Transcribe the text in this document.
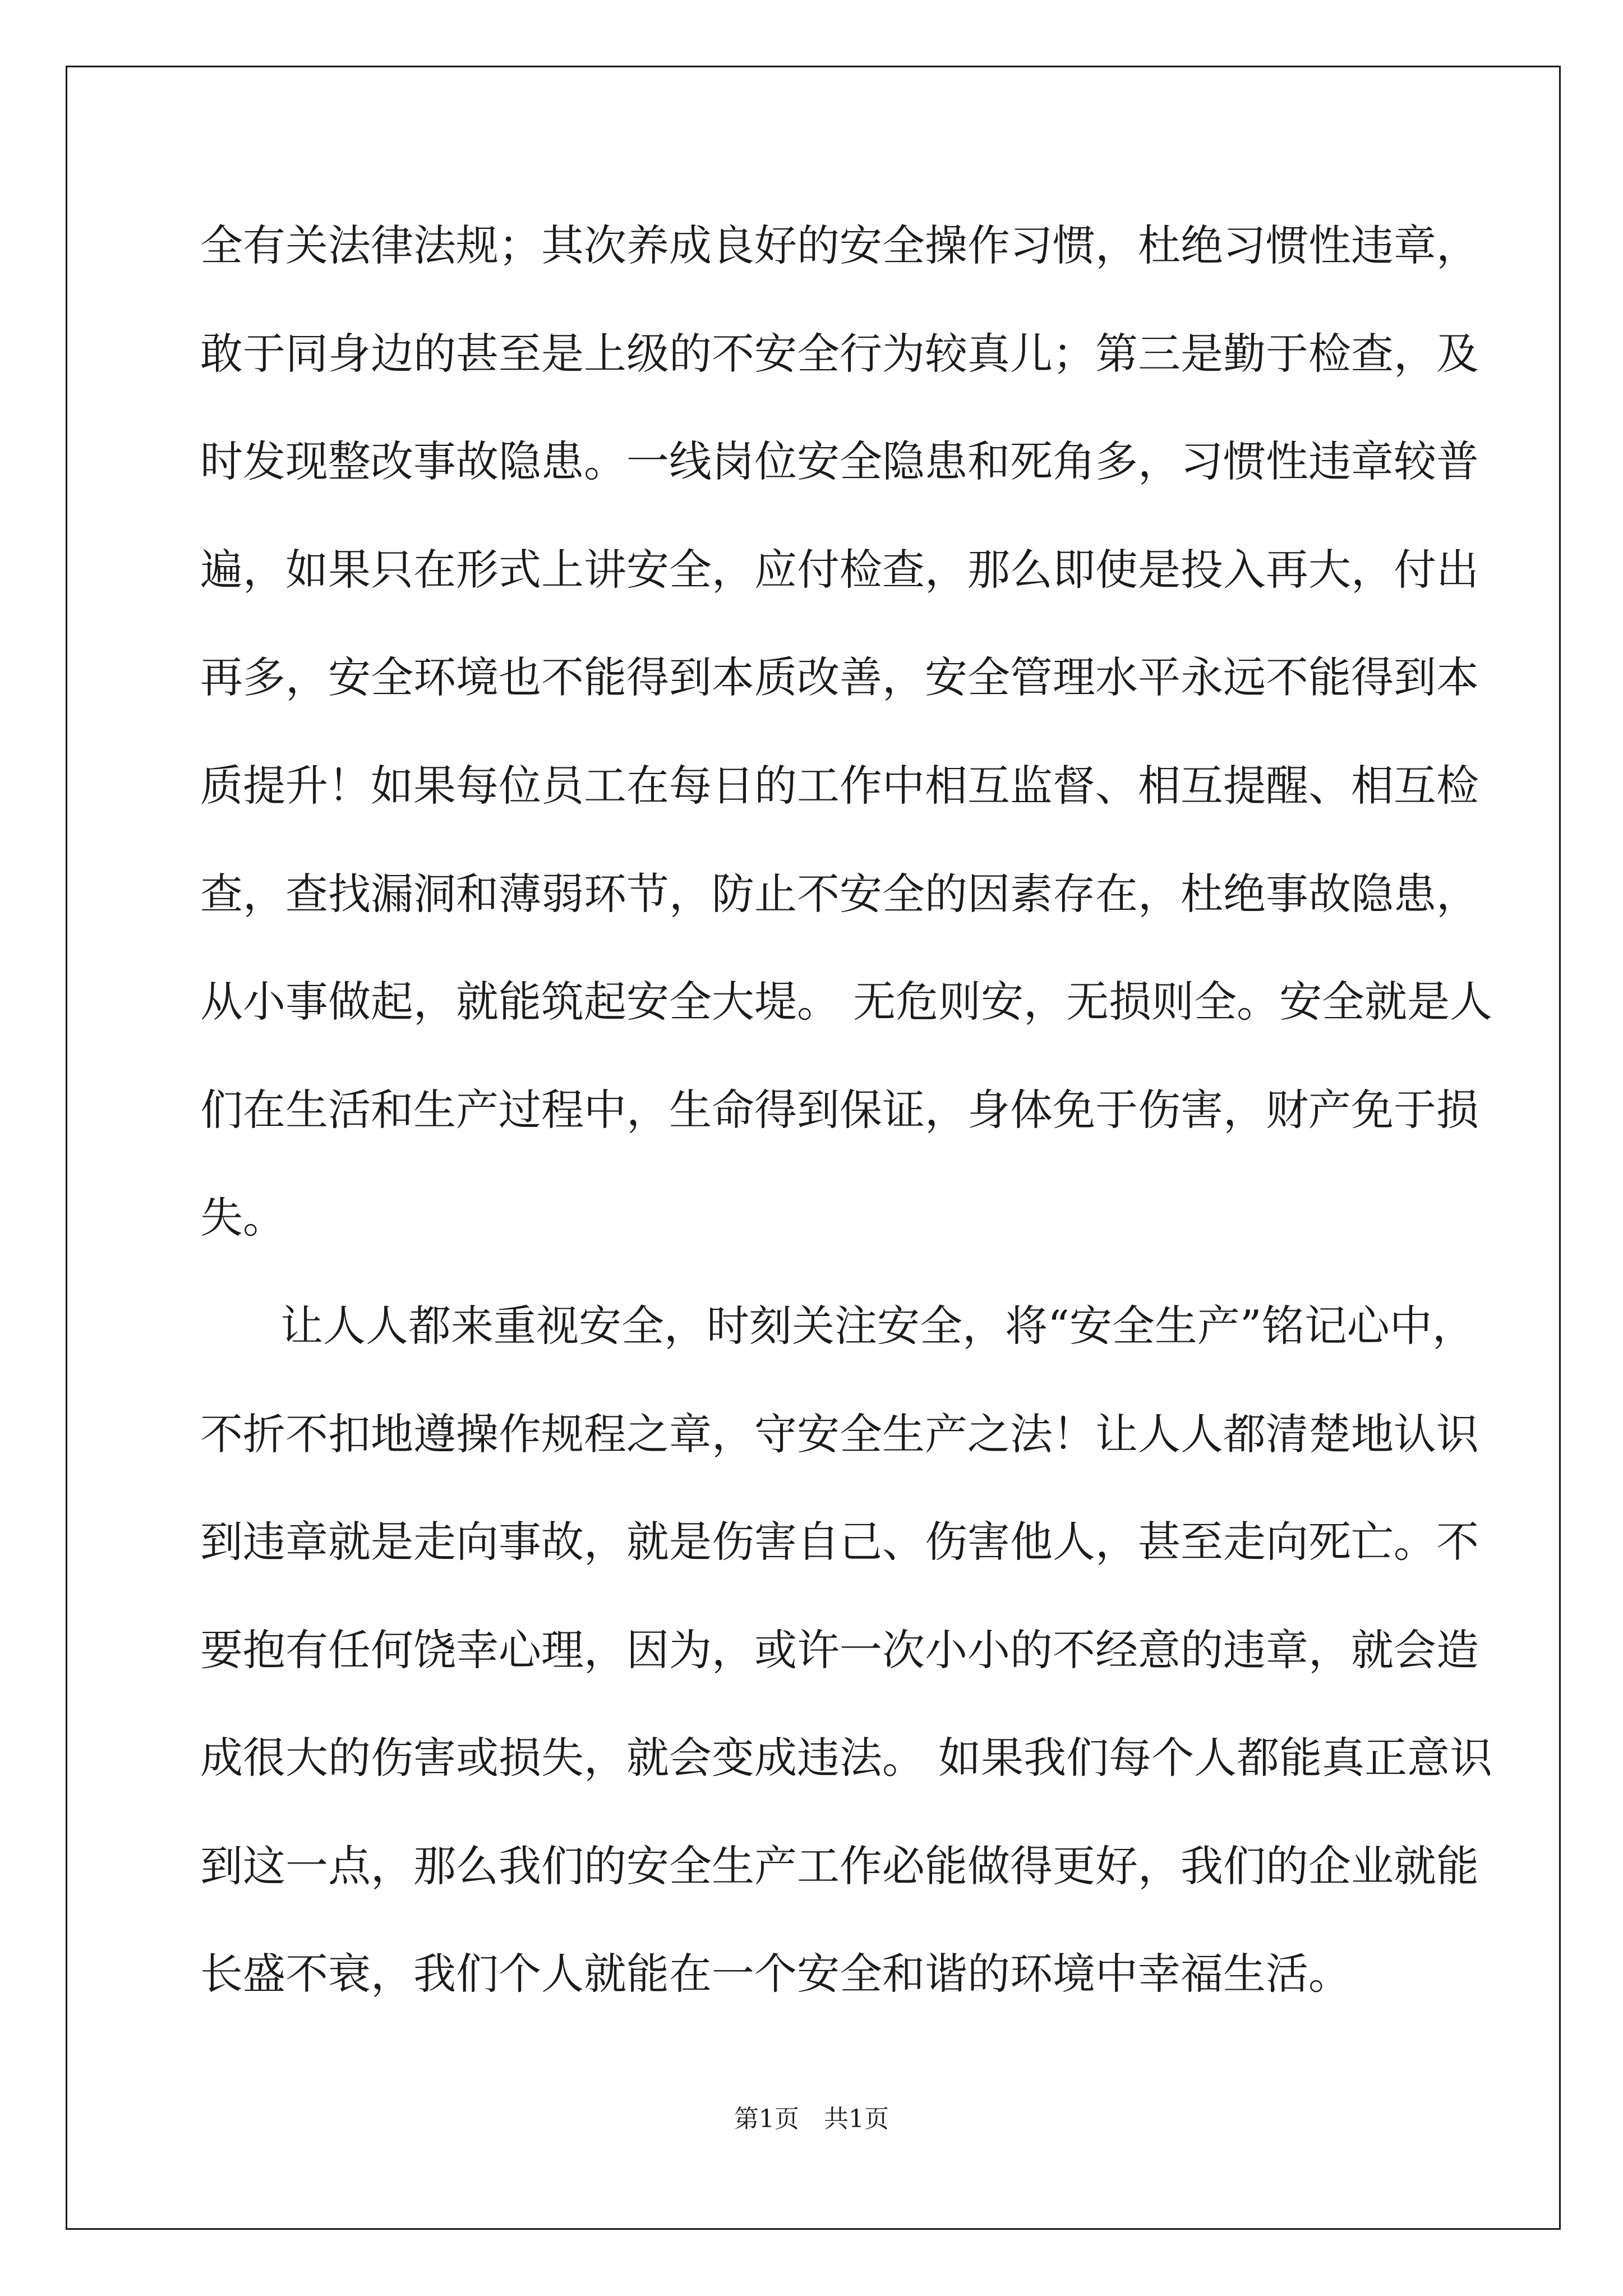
全有关法律法规；其次养成良好的安全操作习惯，杜绝习惯性违章，
敢于同身边的甚至是上级的不安全行为较真儿；第三是勤于检查，及
时发现整改事故隐患。一线岗位安全隐患和死角多，习惯性违章较普
遍，如果只在形式上讲安全，应付检查，那么即使是投入再大，付出
再多，安全环境也不能得到本质改善，安全管理水平永远不能得到本
质提升！如果每位员工在每日的工作中相互监督、相互提醒、相互检
查，查找漏洞和薄弱环节，防止不安全的因素存在，杜绝事故隐患，
从小事做起，就能筑起安全大堤。 无危则安，无损则全。安全就是人
们在生活和生产过程中，生命得到保证，身体免于伤害，财产免于损
失。
让人人都来重视安全，时刻关注安全，将“安全生产”铭记心中，
不折不扣地遵操作规程之章，守安全生产之法！让人人都清楚地认识
到违章就是走向事故，就是伤害自己、伤害他人，甚至走向死亡。不
要抱有任何饶幸心理，因为，或许一次小小的不经意的违章，就会造
成很大的伤害或损失，就会变成违法。 如果我们每个人都能真正意识
到这一点，那么我们的安全生产工作必能做得更好，我们的企业就能
长盛不衰，我们个人就能在一个安全和谐的环境中幸福生活。
第1页　共1页
